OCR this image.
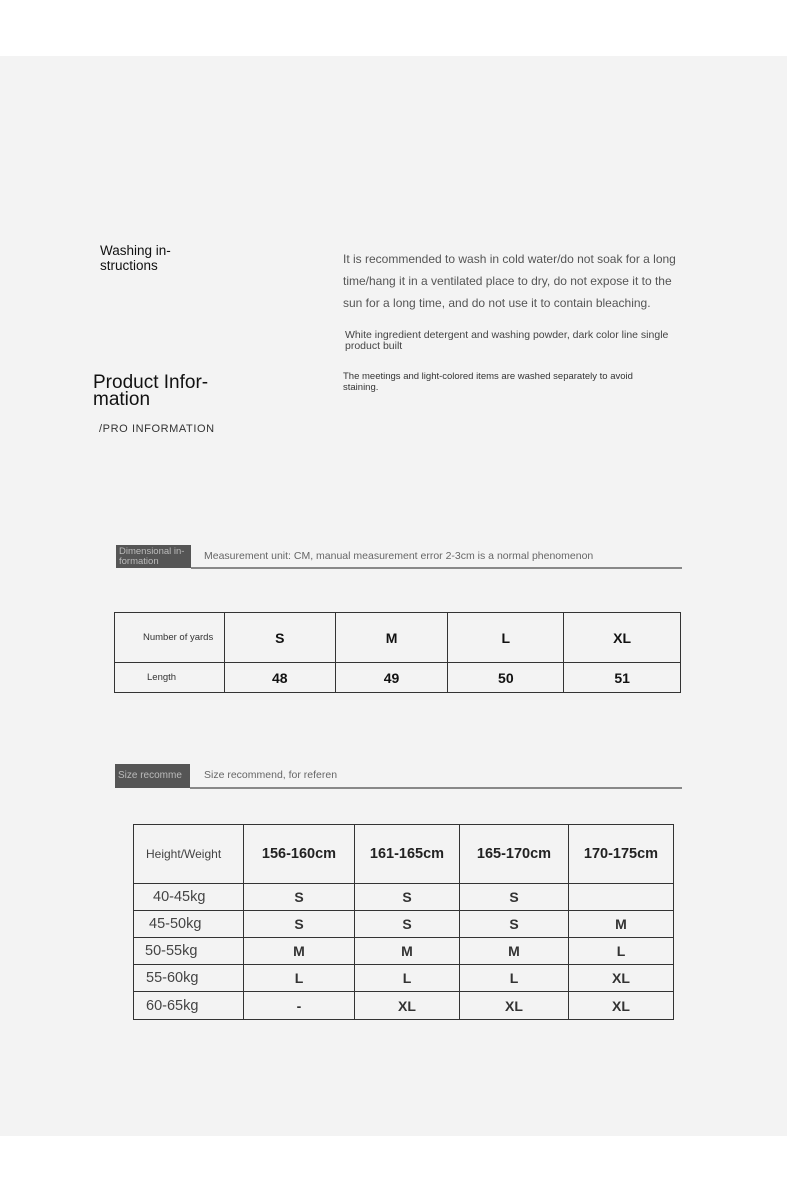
Washing in-structions	It is recommended to wash in cold water/do not soak for a long time/hang it in a ventilated place to dry, do not expose it to the sun for a long time, and do not use it to contain bleaching.
White ingredient detergent and washing powder, dark color line single product built
The meetings and light-colored items are washed separately to avoid staining.
Product Infor-mation
/PRO INFORMATION
Dimensional in-formation	Measurement unit: CM, manual measurement error 2-3cm is a normal phenomenon
Number of yards	S	M	L	XL
Length	48	49	50	51
Size recomme	Size recommend, for referen
Height/Weight	156-160cm	161-165cm	165-170cm	170-175cm
40-45kg	S	S	S	
45-50kg	S	S	S	M
50-55kg	M	M	M	L
55-60kg	L	L	L	XL
60-65kg	-	XL	XL	XL
